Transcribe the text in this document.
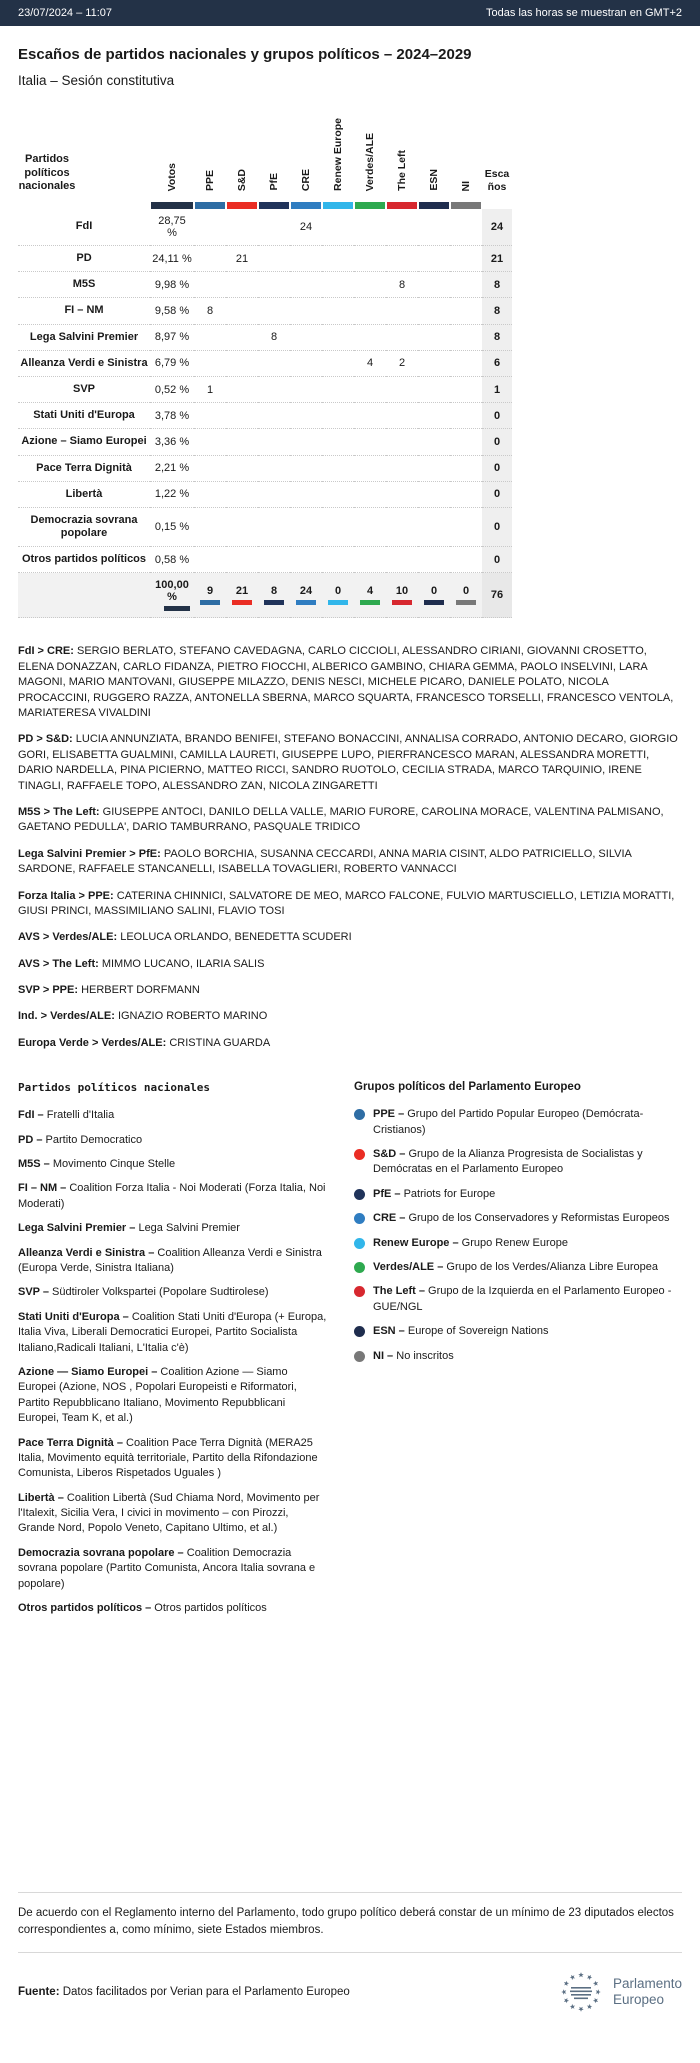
23/07/2024 – 11:07	Todas las horas se muestran en GMT+2
Escaños de partidos nacionales y grupos políticos – 2024–2029
Italia – Sesión constitutiva
Partidos políticos nacionales	Votos	PPE	S&D	PfE	CRE	Renew Europe	Verdes/ALE	The Left	ESN	NI	Escaños

FdI	28,75 %				24						24
PD	24,11 %		21								21
M5S	9,98 %							8			8
FI – NM	9,58 %	8									8
Lega Salvini Premier	8,97 %			8							8
Alleanza Verdi e Sinistra	6,79 %						4	2			6
SVP	0,52 %	1									1
Stati Uniti d'Europa	3,78 %										0
Azione – Siamo Europei	3,36 %										0
Pace Terra Dignità	2,21 %										0
Libertà	1,22 %										0
Democrazia sovrana popolare	0,15 %										0
Otros partidos políticos	0,58 %										0

	100,00 %	9	21	8	24	0	4	10	0	0	76

FdI > CRE: SERGIO BERLATO, STEFANO CAVEDAGNA, CARLO CICCIOLI, ALESSANDRO CIRIANI, GIOVANNI CROSETTO, ELENA DONAZZAN, CARLO FIDANZA, PIETRO FIOCCHI, ALBERICO GAMBINO, CHIARA GEMMA, PAOLO INSELVINI, LARA MAGONI, MARIO MANTOVANI, GIUSEPPE MILAZZO, DENIS NESCI, MICHELE PICARO, DANIELE POLATO, NICOLA PROCACCINI, RUGGERO RAZZA, ANTONELLA SBERNA, MARCO SQUARTA, FRANCESCO TORSELLI, FRANCESCO VENTOLA, MARIATERESA VIVALDINI

PD > S&D: LUCIA ANNUNZIATA, BRANDO BENIFEI, STEFANO BONACCINI, ANNALISA CORRADO, ANTONIO DECARO, GIORGIO GORI, ELISABETTA GUALMINI, CAMILLA LAURETI, GIUSEPPE LUPO, PIERFRANCESCO MARAN, ALESSANDRA MORETTI, DARIO NARDELLA, PINA PICIERNO, MATTEO RICCI, SANDRO RUOTOLO, CECILIA STRADA, MARCO TARQUINIO, IRENE TINAGLI, RAFFAELE TOPO, ALESSANDRO ZAN, NICOLA ZINGARETTI

M5S > The Left: GIUSEPPE ANTOCI, DANILO DELLA VALLE, MARIO FURORE, CAROLINA MORACE, VALENTINA PALMISANO, GAETANO PEDULLA', DARIO TAMBURRANO, PASQUALE TRIDICO

Lega Salvini Premier > PfE: PAOLO BORCHIA, SUSANNA CECCARDI, ANNA MARIA CISINT, ALDO PATRICIELLO, SILVIA SARDONE, RAFFAELE STANCANELLI, ISABELLA TOVAGLIERI, ROBERTO VANNACCI

Forza Italia > PPE: CATERINA CHINNICI, SALVATORE DE MEO, MARCO FALCONE, FULVIO MARTUSCIELLO, LETIZIA MORATTI, GIUSI PRINCI, MASSIMILIANO SALINI, FLAVIO TOSI

AVS > Verdes/ALE: LEOLUCA ORLANDO, BENEDETTA SCUDERI

AVS > The Left: MIMMO LUCANO, ILARIA SALIS

SVP > PPE: HERBERT DORFMANN

Ind. > Verdes/ALE: IGNAZIO ROBERTO MARINO

Europa Verde > Verdes/ALE: CRISTINA GUARDA

Partidos políticos nacionales

FdI – Fratelli d'Italia
PD – Partito Democratico
M5S – Movimento Cinque Stelle
FI – NM – Coalition Forza Italia - Noi Moderati (Forza Italia, Noi Moderati)
Lega Salvini Premier – Lega Salvini Premier
Alleanza Verdi e Sinistra – Coalition Alleanza Verdi e Sinistra (Europa Verde, Sinistra Italiana)
SVP – Südtiroler Volkspartei (Popolare Sudtirolese)
Stati Uniti d'Europa – Coalition Stati Uniti d'Europa (+ Europa, Italia Viva, Liberali Democratici Europei, Partito Socialista Italiano,Radicali Italiani, L'Italia c'è)
Azione — Siamo Europei – Coalition Azione — Siamo Europei (Azione, NOS , Popolari Europeisti e Riformatori, Partito Repubblicano Italiano, Movimento Repubblicani Europei, Team K, et al.)
Pace Terra Dignità – Coalition Pace Terra Dignità (MERA25 Italia, Movimento equità territoriale, Partito della Rifondazione Comunista, Liberos Rispetados Uguales )
Libertà – Coalition Libertà (Sud Chiama Nord, Movimento per l'Italexit, Sicilia Vera, I civici in movimento – con Pirozzi, Grande Nord, Popolo Veneto, Capitano Ultimo, et al.)
Democrazia sovrana popolare – Coalition Democrazia sovrana popolare (Partito Comunista, Ancora Italia sovrana e popolare)
Otros partidos políticos – Otros partidos políticos

Grupos políticos del Parlamento Europeo

PPE – Grupo del Partido Popular Europeo (Demócrata-Cristianos)
S&D – Grupo de la Alianza Progresista de Socialistas y Demócratas en el Parlamento Europeo
PfE – Patriots for Europe
CRE – Grupo de los Conservadores y Reformistas Europeos
Renew Europe – Grupo Renew Europe
Verdes/ALE – Grupo de los Verdes/Alianza Libre Europea
The Left – Grupo de la Izquierda en el Parlamento Europeo - GUE/NGL
ESN – Europe of Sovereign Nations
NI – No inscritos

De acuerdo con el Reglamento interno del Parlamento, todo grupo político deberá constar de un mínimo de 23 diputados electos correspondientes a, como mínimo, siete Estados miembros.

Fuente: Datos facilitados por Verian para el Parlamento Europeo

Parlamento
Europeo
